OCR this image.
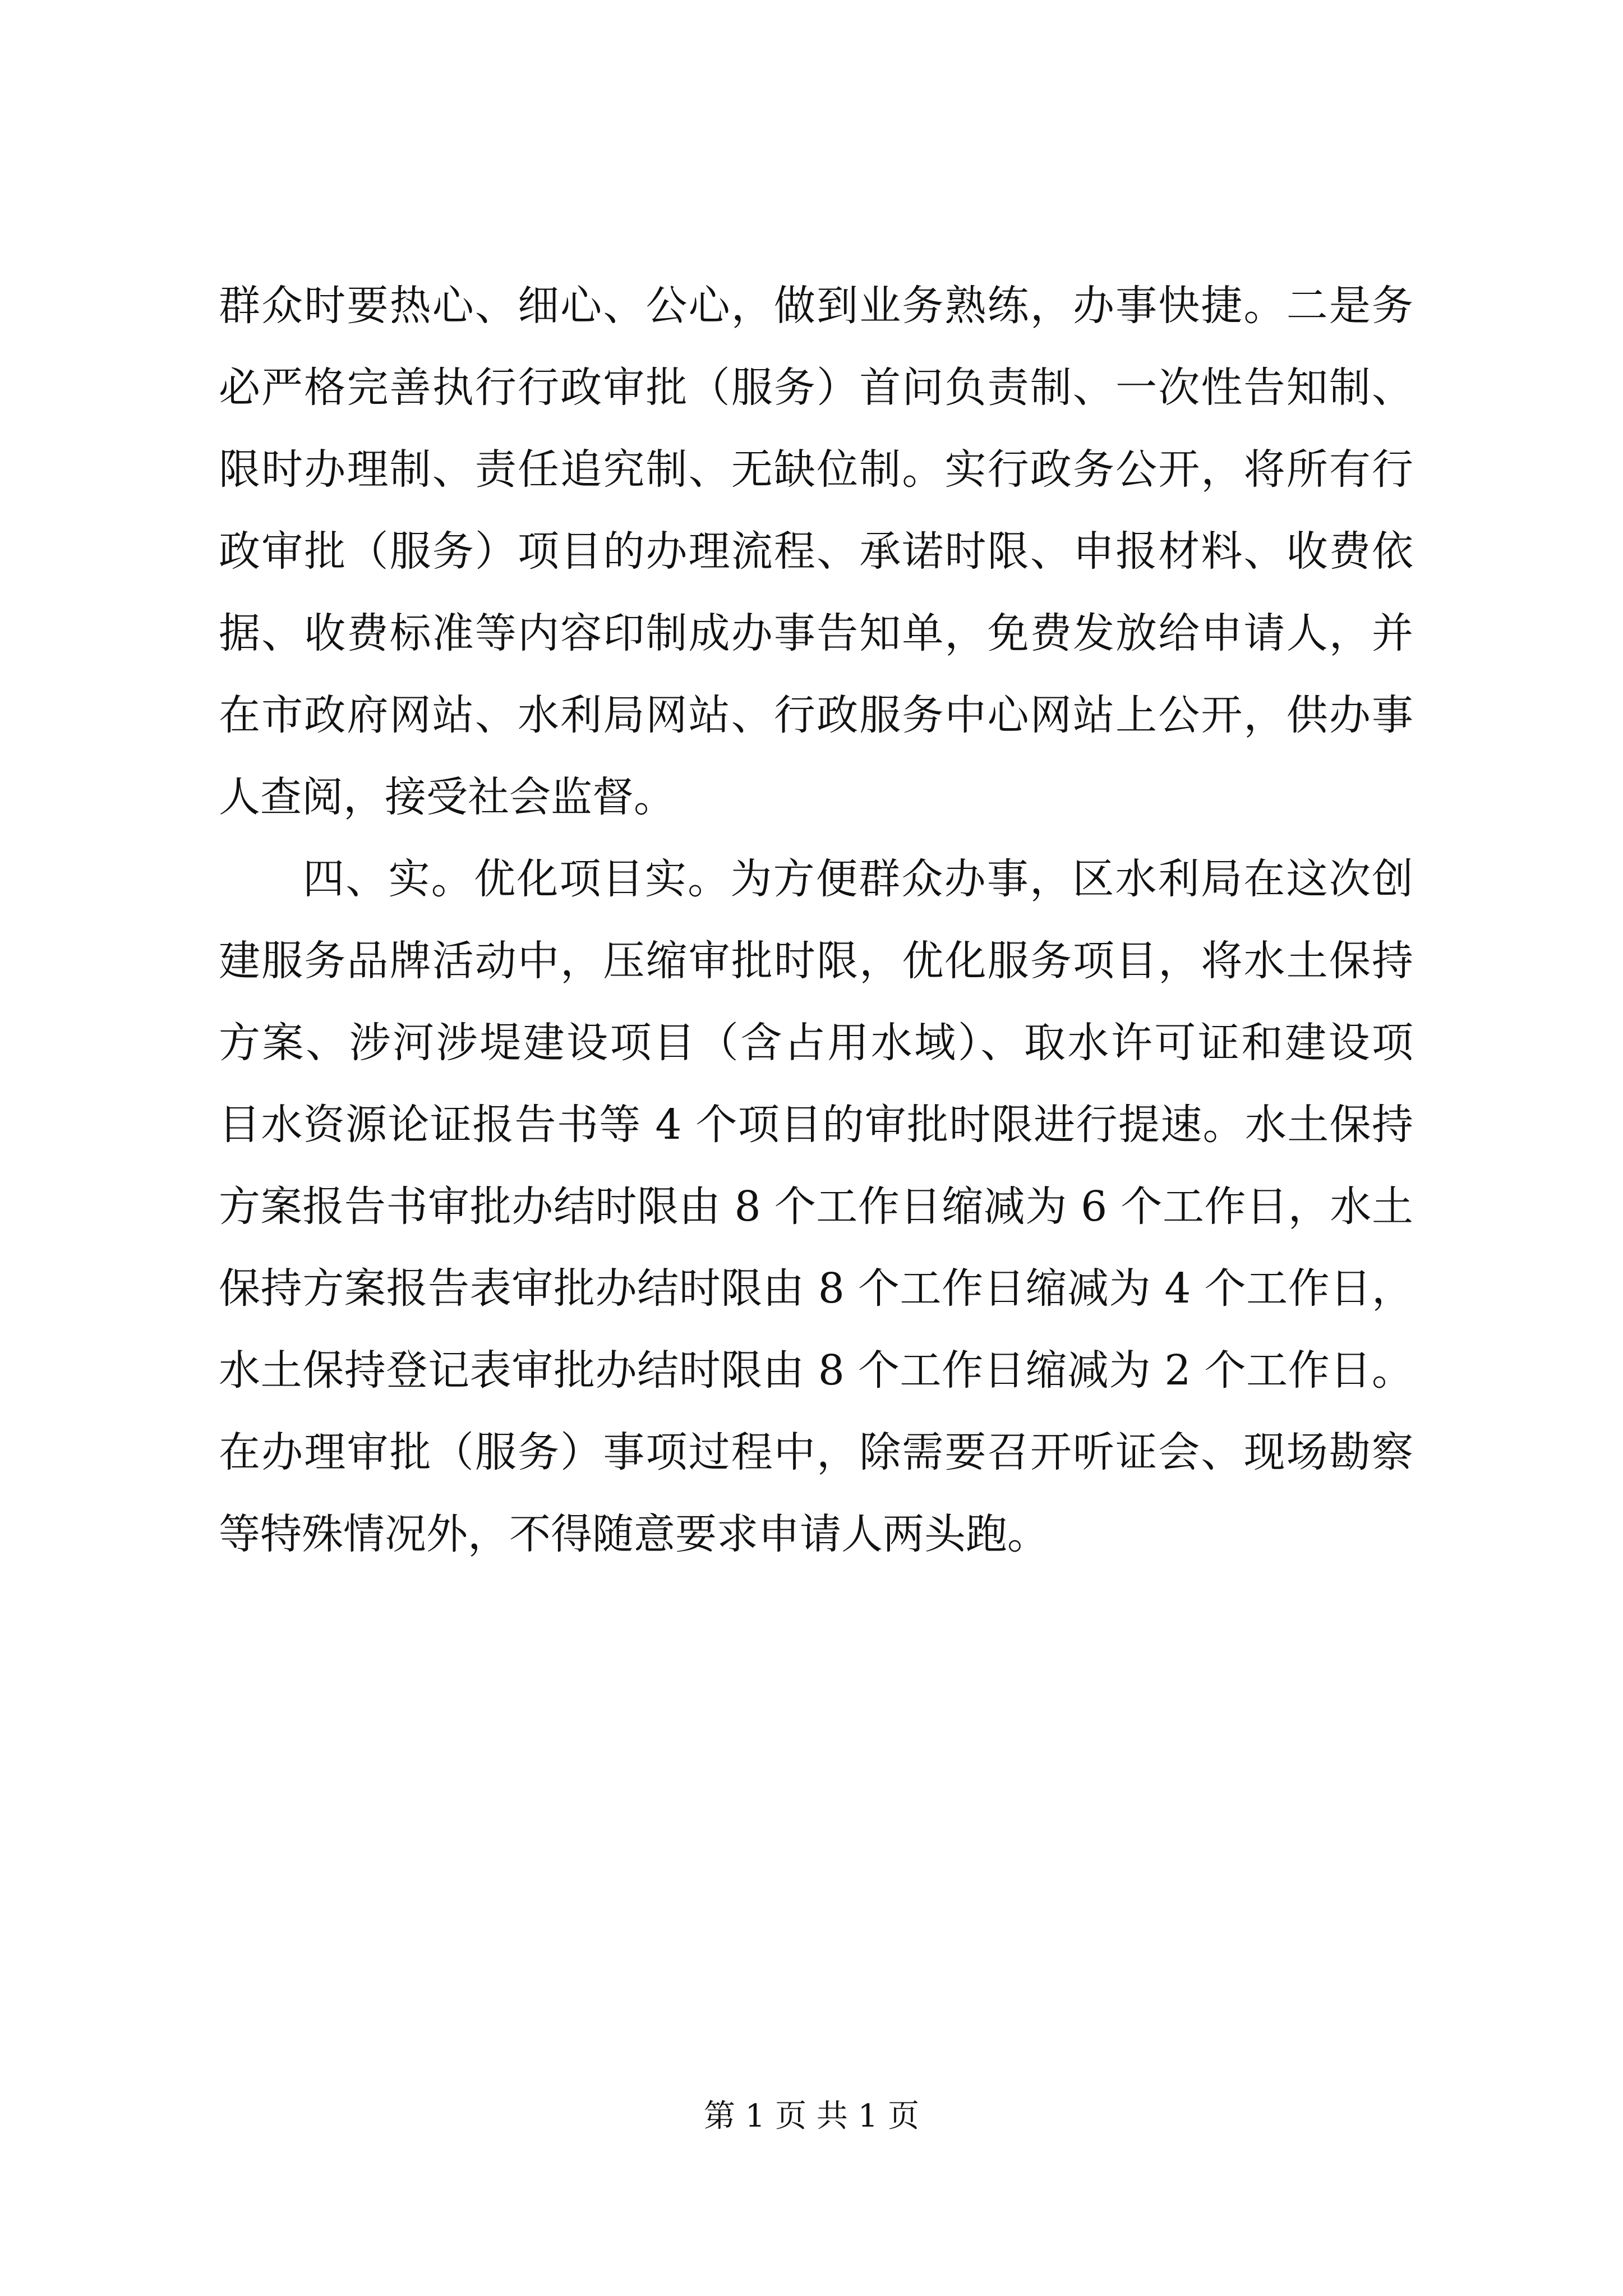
群众时要热心、细心、公心，做到业务熟练，办事快捷。二是务
必严格完善执行行政审批（服务）首问负责制、一次性告知制、
限时办理制、责任追究制、无缺位制。实行政务公开，将所有行
政审批（服务）项目的办理流程、承诺时限、申报材料、收费依
据、收费标准等内容印制成办事告知单，免费发放给申请人，并
在市政府网站、水利局网站、行政服务中心网站上公开，供办事
人查阅，接受社会监督。
四、实。优化项目实。为方便群众办事，区水利局在这次创
建服务品牌活动中，压缩审批时限，优化服务项目，将水土保持
方案、涉河涉堤建设项目（含占用水域）、取水许可证和建设项
目水资源论证报告书等 4 个项目的审批时限进行提速。水土保持
方案报告书审批办结时限由 8 个工作日缩减为 6 个工作日，水土
保持方案报告表审批办结时限由 8 个工作日缩减为 4 个工作日，
水土保持登记表审批办结时限由 8 个工作日缩减为 2 个工作日。
在办理审批（服务）事项过程中，除需要召开听证会、现场勘察
等特殊情况外，不得随意要求申请人两头跑。
第 1 页 共 1 页
